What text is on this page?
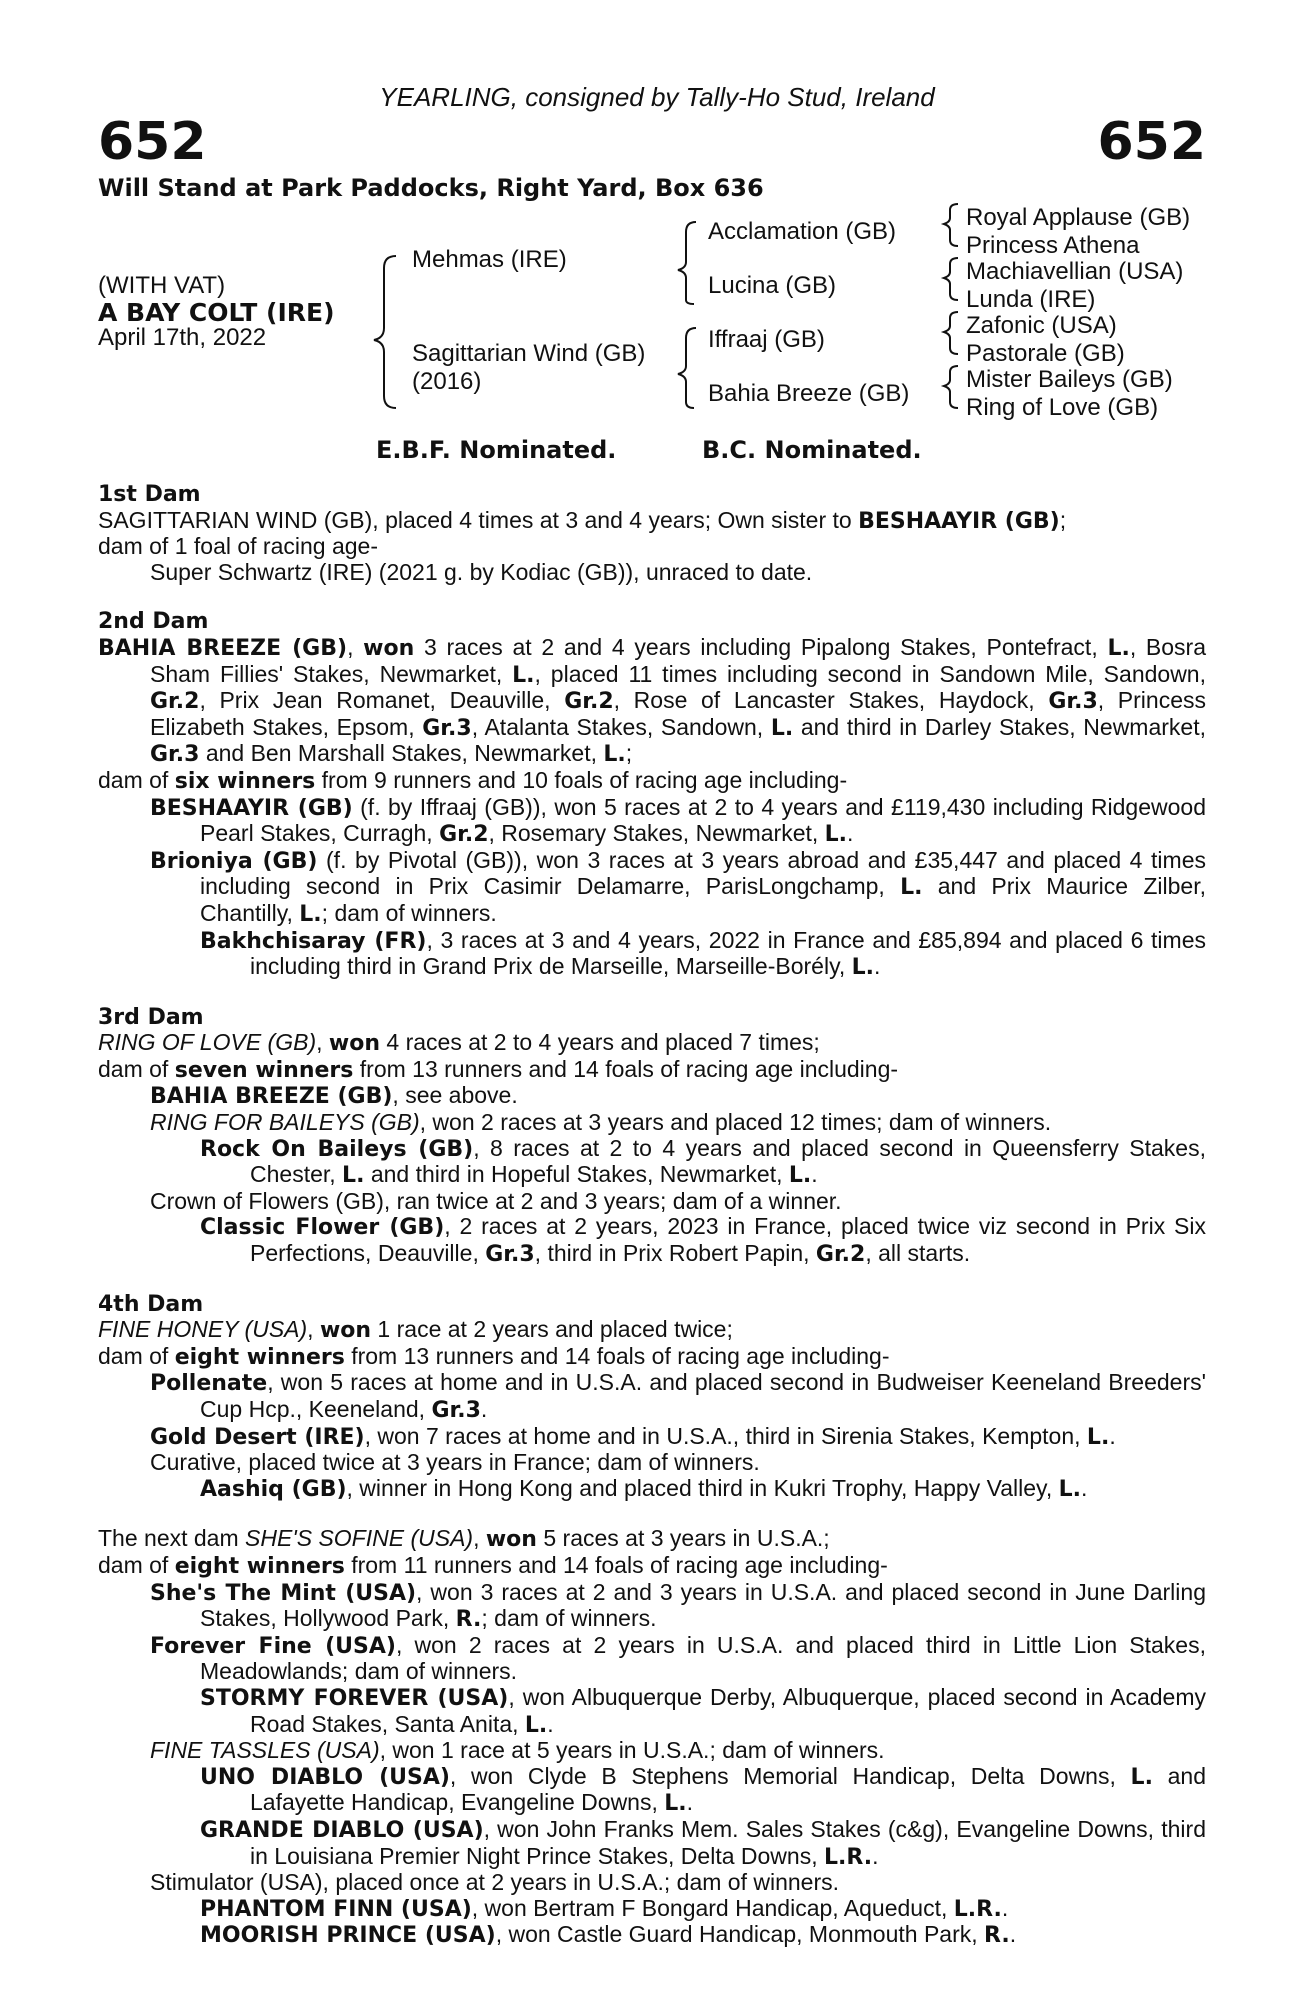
YEARLING, consigned by Tally-Ho Stud, Ireland
652	652
Will Stand at Park Paddocks, Right Yard, Box 636
(WITH VAT)
A BAY COLT (IRE)
April 17th, 2022
Mehmas (IRE)
Sagittarian Wind (GB)
(2016)
Acclamation (GB)
Lucina (GB)
Iffraaj (GB)
Bahia Breeze (GB)
Royal Applause (GB)
Princess Athena
Machiavellian (USA)
Lunda (IRE)
Zafonic (USA)
Pastorale (GB)
Mister Baileys (GB)
Ring of Love (GB)
E.B.F. Nominated.	B.C. Nominated.

1st Dam

SAGITTARIAN WIND (GB), placed 4 times at 3 and 4 years; Own sister to BESHAAYIR (GB);

dam of 1 foal of racing age-

Super Schwartz (IRE) (2021 g. by Kodiac (GB)), unraced to date.

2nd Dam

BAHIA BREEZE (GB), won 3 races at 2 and 4 years including Pipalong Stakes, Pontefract, L., Bosra Sham Fillies' Stakes, Newmarket, L., placed 11 times including second in Sandown Mile, Sandown, Gr.2, Prix Jean Romanet, Deauville, Gr.2, Rose of Lancaster Stakes, Haydock, Gr.3, Princess Elizabeth Stakes, Epsom, Gr.3, Atalanta Stakes, Sandown, L. and third in Darley Stakes, Newmarket, Gr.3 and Ben Marshall Stakes, Newmarket, L.;

dam of six winners from 9 runners and 10 foals of racing age including-

BESHAAYIR (GB) (f. by Iffraaj (GB)), won 5 races at 2 to 4 years and £119,430 including Ridgewood Pearl Stakes, Curragh, Gr.2, Rosemary Stakes, Newmarket, L..

Brioniya (GB) (f. by Pivotal (GB)), won 3 races at 3 years abroad and £35,447 and placed 4 times including second in Prix Casimir Delamarre, ParisLongchamp, L. and Prix Maurice Zilber, Chantilly, L.; dam of winners.

Bakhchisaray (FR), 3 races at 3 and 4 years, 2022 in France and £85,894 and placed 6 times including third in Grand Prix de Marseille, Marseille-Borély, L..

3rd Dam

RING OF LOVE (GB), won 4 races at 2 to 4 years and placed 7 times;

dam of seven winners from 13 runners and 14 foals of racing age including-

BAHIA BREEZE (GB), see above.

RING FOR BAILEYS (GB), won 2 races at 3 years and placed 12 times; dam of winners.

Rock On Baileys (GB), 8 races at 2 to 4 years and placed second in Queensferry Stakes, Chester, L. and third in Hopeful Stakes, Newmarket, L..

Crown of Flowers (GB), ran twice at 2 and 3 years; dam of a winner.

Classic Flower (GB), 2 races at 2 years, 2023 in France, placed twice viz second in Prix Six Perfections, Deauville, Gr.3, third in Prix Robert Papin, Gr.2, all starts.

4th Dam

FINE HONEY (USA), won 1 race at 2 years and placed twice;

dam of eight winners from 13 runners and 14 foals of racing age including-

Pollenate, won 5 races at home and in U.S.A. and placed second in Budweiser Keeneland Breeders' Cup Hcp., Keeneland, Gr.3.

Gold Desert (IRE), won 7 races at home and in U.S.A., third in Sirenia Stakes, Kempton, L..

Curative, placed twice at 3 years in France; dam of winners.

Aashiq (GB), winner in Hong Kong and placed third in Kukri Trophy, Happy Valley, L..

The next dam SHE'S SOFINE (USA), won 5 races at 3 years in U.S.A.;

dam of eight winners from 11 runners and 14 foals of racing age including-

She's The Mint (USA), won 3 races at 2 and 3 years in U.S.A. and placed second in June Darling Stakes, Hollywood Park, R.; dam of winners.

Forever Fine (USA), won 2 races at 2 years in U.S.A. and placed third in Little Lion Stakes, Meadowlands; dam of winners.

STORMY FOREVER (USA), won Albuquerque Derby, Albuquerque, placed second in Academy Road Stakes, Santa Anita, L..

FINE TASSLES (USA), won 1 race at 5 years in U.S.A.; dam of winners.

UNO DIABLO (USA), won Clyde B Stephens Memorial Handicap, Delta Downs, L. and Lafayette Handicap, Evangeline Downs, L..

GRANDE DIABLO (USA), won John Franks Mem. Sales Stakes (c&g), Evangeline Downs, third in Louisiana Premier Night Prince Stakes, Delta Downs, L.R..

Stimulator (USA), placed once at 2 years in U.S.A.; dam of winners.

PHANTOM FINN (USA), won Bertram F Bongard Handicap, Aqueduct, L.R..

MOORISH PRINCE (USA), won Castle Guard Handicap, Monmouth Park, R..
